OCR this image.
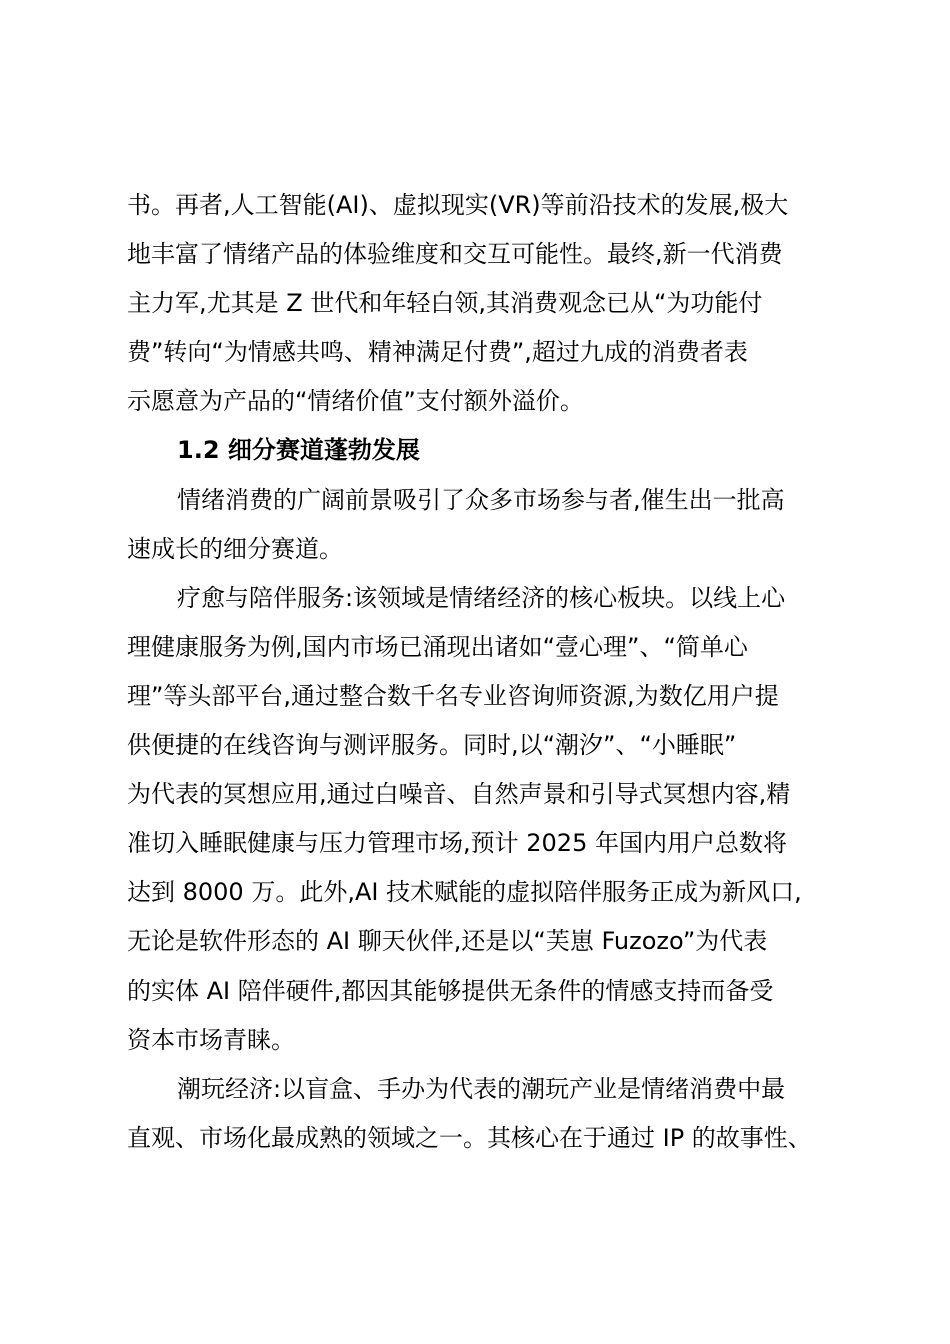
书。再者,人工智能(AI)、虚拟现实(VR)等前沿技术的发展,极大
地丰富了情绪产品的体验维度和交互可能性。最终,新一代消费
主力军,尤其是 Z 世代和年轻白领,其消费观念已从“为功能付
费”转向“为情感共鸣、精神满足付费”,超过九成的消费者表
示愿意为产品的“情绪价值”支付额外溢价。
1.2 细分赛道蓬勃发展
情绪消费的广阔前景吸引了众多市场参与者,催生出一批高
速成长的细分赛道。
疗愈与陪伴服务:该领域是情绪经济的核心板块。以线上心
理健康服务为例,国内市场已涌现出诸如“壹心理”、“简单心
理”等头部平台,通过整合数千名专业咨询师资源,为数亿用户提
供便捷的在线咨询与测评服务。同时,以“潮汐”、“小睡眠”
为代表的冥想应用,通过白噪音、自然声景和引导式冥想内容,精
准切入睡眠健康与压力管理市场,预计 2025 年国内用户总数将
达到 8000 万。此外,AI 技术赋能的虚拟陪伴服务正成为新风口,
无论是软件形态的 AI 聊天伙伴,还是以“芙崽 Fuzozo”为代表
的实体 AI 陪伴硬件,都因其能够提供无条件的情感支持而备受
资本市场青睐。
潮玩经济:以盲盒、手办为代表的潮玩产业是情绪消费中最
直观、市场化最成熟的领域之一。其核心在于通过 IP 的故事性、
